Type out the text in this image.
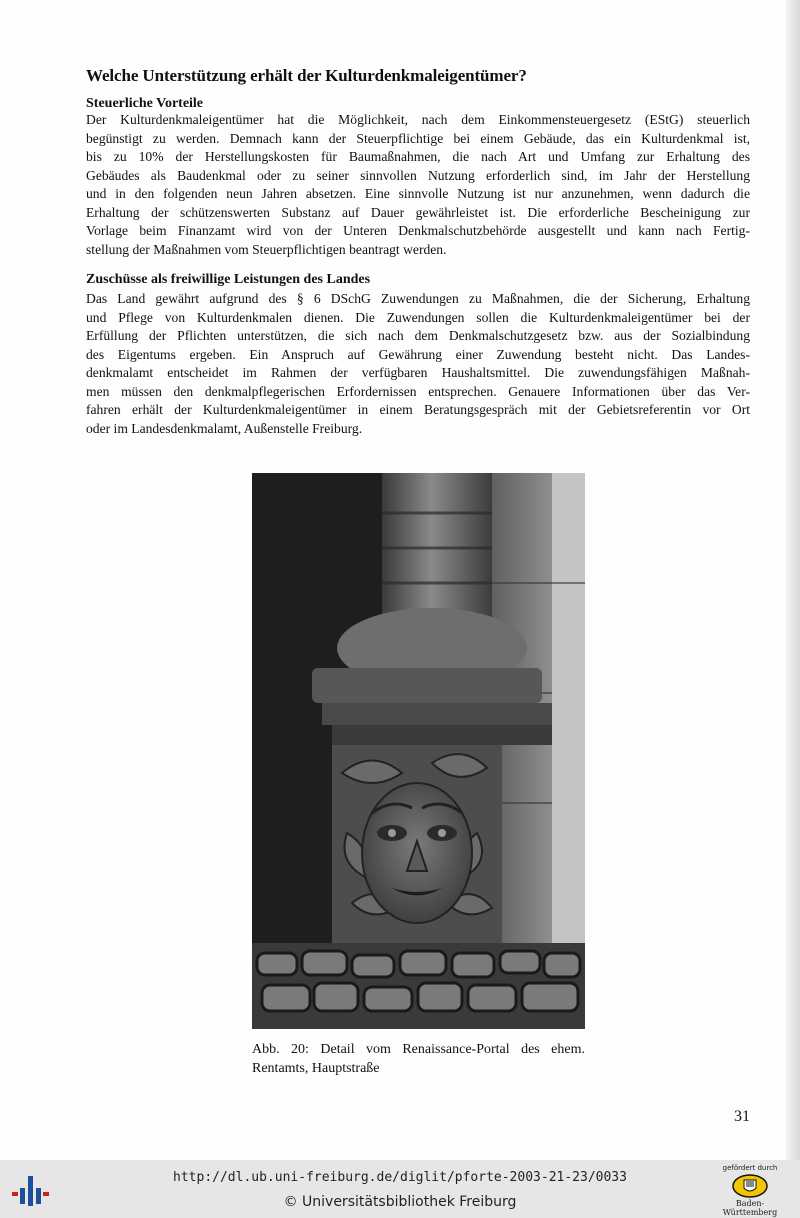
Welche Unterstützung erhält der Kulturdenkmaleigentümer?
Steuerliche Vorteile
Der Kulturdenkmaleigentümer hat die Möglichkeit, nach dem Einkommensteuergesetz (EStG) steuerlich
begünstigt zu werden. Demnach kann der Steuerpflichtige bei einem Gebäude, das ein Kulturdenkmal ist,
bis zu 10% der Herstellungskosten für Baumaßnahmen, die nach Art und Umfang zur Erhaltung des
Gebäudes als Baudenkmal oder zu seiner sinnvollen Nutzung erforderlich sind, im Jahr der Herstellung
und in den folgenden neun Jahren absetzen. Eine sinnvolle Nutzung ist nur anzunehmen, wenn dadurch die
Erhaltung der schützenswerten Substanz auf Dauer gewährleistet ist. Die erforderliche Bescheinigung zur
Vorlage beim Finanzamt wird von der Unteren Denkmalschutzbehörde ausgestellt und kann nach Fertig-
stellung der Maßnahmen vom Steuerpflichtigen beantragt werden.
Zuschüsse als freiwillige Leistungen des Landes
Das Land gewährt aufgrund des § 6 DSchG Zuwendungen zu Maßnahmen, die der Sicherung, Erhaltung
und Pflege von Kulturdenkmalen dienen. Die Zuwendungen sollen die Kulturdenkmaleigentümer bei der
Erfüllung der Pflichten unterstützen, die sich nach dem Denkmalschutzgesetz bzw. aus der Sozialbindung
des Eigentums ergeben. Ein Anspruch auf Gewährung einer Zuwendung besteht nicht. Das Landes-
denkmalamt entscheidet im Rahmen der verfügbaren Haushaltsmittel. Die zuwendungsfähigen Maßnah-
men müssen den denkmalpflegerischen Erfordernissen entsprechen. Genauere Informationen über das Ver-
fahren erhält der Kulturdenkmaleigentümer in einem Beratungsgespräch mit der Gebietsreferentin vor Ort
oder im Landesdenkmalamt, Außenstelle Freiburg.
Abb. 20: Detail vom Renaissance-Portal des ehem.
Rentamts, Hauptstraße
31
http://dl.ub.uni-freiburg.de/diglit/pforte-2003-21-23/0033
© Universitätsbibliothek Freiburg
gefördert durch
Baden-Württemberg
